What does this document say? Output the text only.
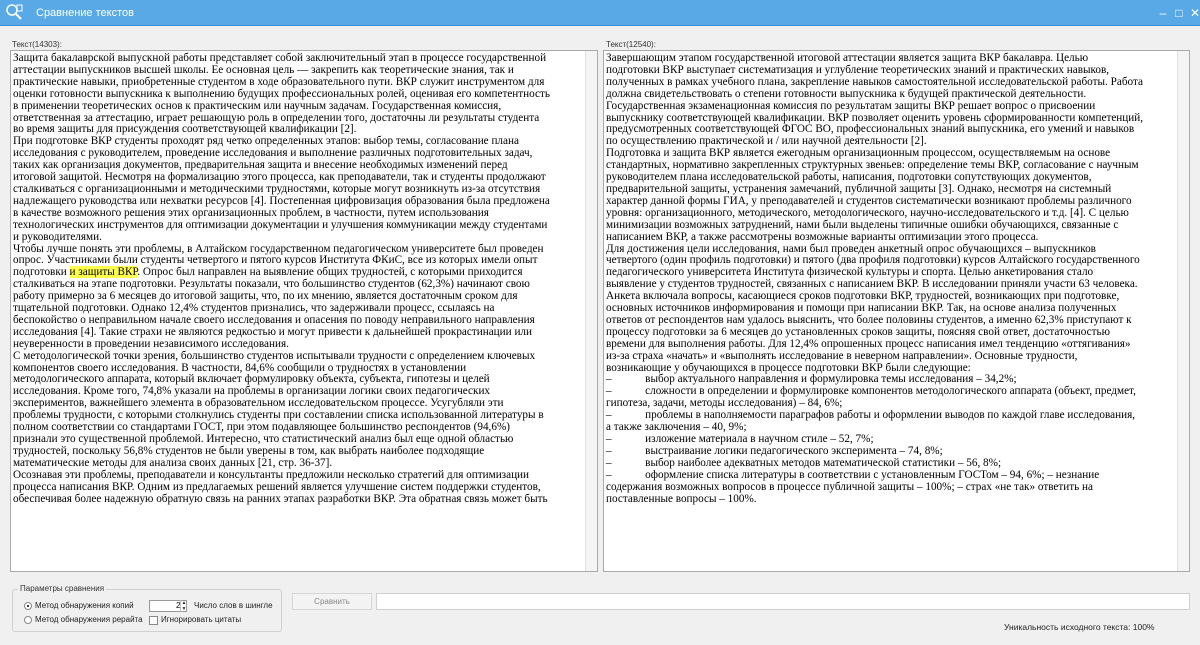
Сравнение текстов	– □ ✕
Текст(14303):
Защита бакалаврской выпускной работы представляет собой заключительный этап в процессе государственной
аттестации выпускников высшей школы. Ее основная цель — закрепить как теоретические знания, так и
практические навыки, приобретенные студентом в ходе образовательного пути. ВКР служит инструментом для
оценки готовности выпускника к выполнению будущих профессиональных ролей, оценивая его компетентность
в применении теоретических основ к практическим или научным задачам. Государственная комиссия,
ответственная за аттестацию, играет решающую роль в определении того, достаточны ли результаты студента
во время защиты для присуждения соответствующей квалификации [2].
При подготовке ВКР студенты проходят ряд четко определенных этапов: выбор темы, согласование плана
исследования с руководителем, проведение исследования и выполнение различных подготовительных задач,
таких как организация документов, предварительная защита и внесение необходимых изменений перед
итоговой защитой. Несмотря на формализацию этого процесса, как преподаватели, так и студенты продолжают
сталкиваться с организационными и методическими трудностями, которые могут возникнуть из-за отсутствия
надлежащего руководства или нехватки ресурсов [4]. Постепенная цифровизация образования была предложена
в качестве возможного решения этих организационных проблем, в частности, путем использования
технологических инструментов для оптимизации документации и улучшения коммуникации между студентами
и руководителями.
Чтобы лучше понять эти проблемы, в Алтайском государственном педагогическом университете был проведен
опрос. Участниками были студенты четвертого и пятого курсов Института ФКиС, все из которых имели опыт
подготовки и защиты ВКР. Опрос был направлен на выявление общих трудностей, с которыми приходится
сталкиваться на этапе подготовки. Результаты показали, что большинство студентов (62,3%) начинают свою
работу примерно за 6 месяцев до итоговой защиты, что, по их мнению, является достаточным сроком для
тщательной подготовки. Однако 12,4% студентов признались, что задерживали процесс, ссылаясь на
беспокойство о неправильном начале своего исследования и опасения по поводу неправильного направления
исследования [4]. Такие страхи не являются редкостью и могут привести к дальнейшей прокрастинации или
неуверенности в проведении независимого исследования.
С методологической точки зрения, большинство студентов испытывали трудности с определением ключевых
компонентов своего исследования. В частности, 84,6% сообщили о трудностях в установлении
методологического аппарата, который включает формулировку объекта, субъекта, гипотезы и целей
исследования. Кроме того, 74,8% указали на проблемы в организации логики своих педагогических
экспериментов, важнейшего элемента в образовательном исследовательском процессе. Усугубляли эти
проблемы трудности, с которыми столкнулись студенты при составлении списка использованной литературы в
полном соответствии со стандартами ГОСТ, при этом подавляющее большинство респондентов (94,6%)
признали это существенной проблемой. Интересно, что статистический анализ был еще одной областью
трудностей, поскольку 56,8% студентов не были уверены в том, как выбрать наиболее подходящие
математические методы для анализа своих данных [21, стр. 36-37].
Осознавая эти проблемы, преподаватели и консультанты предложили несколько стратегий для оптимизации
процесса написания ВКР. Одним из предлагаемых решений является улучшение систем поддержки студентов,
обеспечивая более надежную обратную связь на ранних этапах разработки ВКР. Эта обратная связь может быть
Текст(12540):
Завершающим этапом государственной итоговой аттестации является защита ВКР бакалавра. Целью
подготовки ВКР выступает систематизация и углубление теоретических знаний и практических навыков,
полученных в рамках учебного плана, закрепление навыков самостоятельной исследовательской работы. Работа
должна свидетельствовать о степени готовности выпускника к будущей практической деятельности.
Государственная экзаменационная комиссия по результатам защиты ВКР решает вопрос о присвоении
выпускнику соответствующей квалификации. ВКР позволяет оценить уровень сформированности компетенций,
предусмотренных соответствующей ФГОС ВО, профессиональных знаний выпускника, его умений и навыков
по осуществлению практической и / или научной деятельности [2].
Подготовка и защита ВКР является ежегодным организационным процессом, осуществляемым на основе
стандартных, нормативно закрепленных структурных звеньев: определение темы ВКР, согласование с научным
руководителем плана исследовательской работы, написания, подготовки сопутствующих документов,
предварительной защиты, устранения замечаний, публичной защиты [3]. Однако, несмотря на системный
характер данной формы ГИА, у преподавателей и студентов систематически возникают проблемы различного
уровня: организационного, методического, методологического, научно-исследовательского и т.д. [4]. С целью
минимизации возможных затруднений, нами были выделены типичные ошибки обучающихся, связанные с
написанием ВКР, а также рассмотрены возможные варианты оптимизации этого процесса.
Для достижения цели исследования, нами был проведен анкетный опрос обучающихся – выпускников
четвертого (один профиль подготовки) и пятого (два профиля подготовки) курсов Алтайского государственного
педагогического университета Института физической культуры и спорта. Целью анкетирования стало
выявление у студентов трудностей, связанных с написанием ВКР. В исследовании приняли участи 63 человека.
Анкета включала вопросы, касающиеся сроков подготовки ВКР, трудностей, возникающих при подготовке,
основных источников информирования и помощи при написании ВКР. Так, на основе анализа полученных
ответов от респондентов нам удалось выяснить, что более половины студентов, а именно 62,3% приступают к
процессу подготовки за 6 месяцев до установленных сроков защиты, поясняя свой ответ, достаточностью
времени для выполнения работы. Для 12,4% опрошенных процесс написания имел тенденцию «оттягивания»
из-за страха «начать» и «выполнять исследование в неверном направлении». Основные трудности,
возникающие у обучающихся в процессе подготовки ВКР были следующие:
–            выбор актуального направления и формулировка темы исследования – 34,2%;
–            сложности в определении и формулировке компонентов методологического аппарата (объект, предмет,
гипотеза, задачи, методы исследования) – 84, 6%;
–            проблемы в наполняемости параграфов работы и оформлении выводов по каждой главе исследования,
а также заключения – 40, 9%;
–            изложение материала в научном стиле – 52, 7%;
–            выстраивание логики педагогического эксперимента – 74, 8%;
–            выбор наиболее адекватных методов математической статистики – 56, 8%;
–            оформление списка литературы в соответствии с установленным ГОСТом – 94, 6%; – незнание
содержания возможных вопросов в процессе публичной защиты – 100%; – страх «не так» ответить на
поставленные вопросы – 100%.
Параметры сравнения
Метод обнаружения копий
Метод обнаружения рерайта
2 ▲
▼ Число слов в шингле
Игнорировать цитаты
Сравнить
Уникальность исходного текста: 100%
